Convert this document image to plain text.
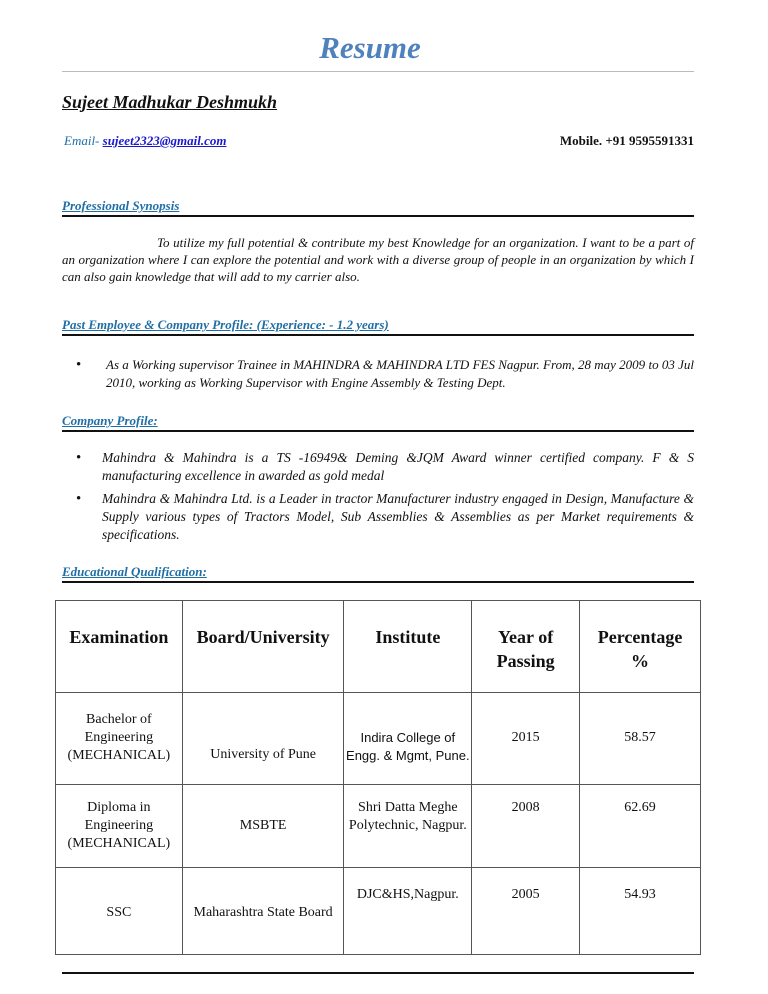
Resume
Sujeet Madhukar Deshmukh
Email- sujeet2323@gmail.com	Mobile. +91 9595591331
Professional Synopsis
To utilize my full potential & contribute my best Knowledge for an organization. I want to be a part of an organization where I can explore the potential and work with a diverse group of people in an organization by which I can also gain knowledge that will add to my carrier also.
Past Employee & Company Profile: (Experience: - 1.2 years)
• As a Working supervisor Trainee in MAHINDRA & MAHINDRA LTD FES Nagpur. From, 28 may 2009 to 03 Jul 2010, working as Working Supervisor with Engine Assembly & Testing Dept.
Company Profile:
• Mahindra & Mahindra is a TS -16949& Deming &JQM Award winner certified company. F & S manufacturing excellence in awarded as gold medal
• Mahindra & Mahindra Ltd. is a Leader in tractor Manufacturer industry engaged in Design, Manufacture & Supply various types of Tractors Model, Sub Assemblies & Assemblies as per Market requirements & specifications.
Educational Qualification:
Examination	Board/University	Institute	Year of Passing	Percentage %
Bachelor of Engineering (MECHANICAL)	University of Pune	Indira College of Engg. & Mgmt, Pune.	2015	58.57
Diploma in Engineering (MECHANICAL)	MSBTE	Shri Datta Meghe Polytechnic, Nagpur.	2008	62.69
SSC	Maharashtra State Board	DJC&HS,Nagpur.	2005	54.93
